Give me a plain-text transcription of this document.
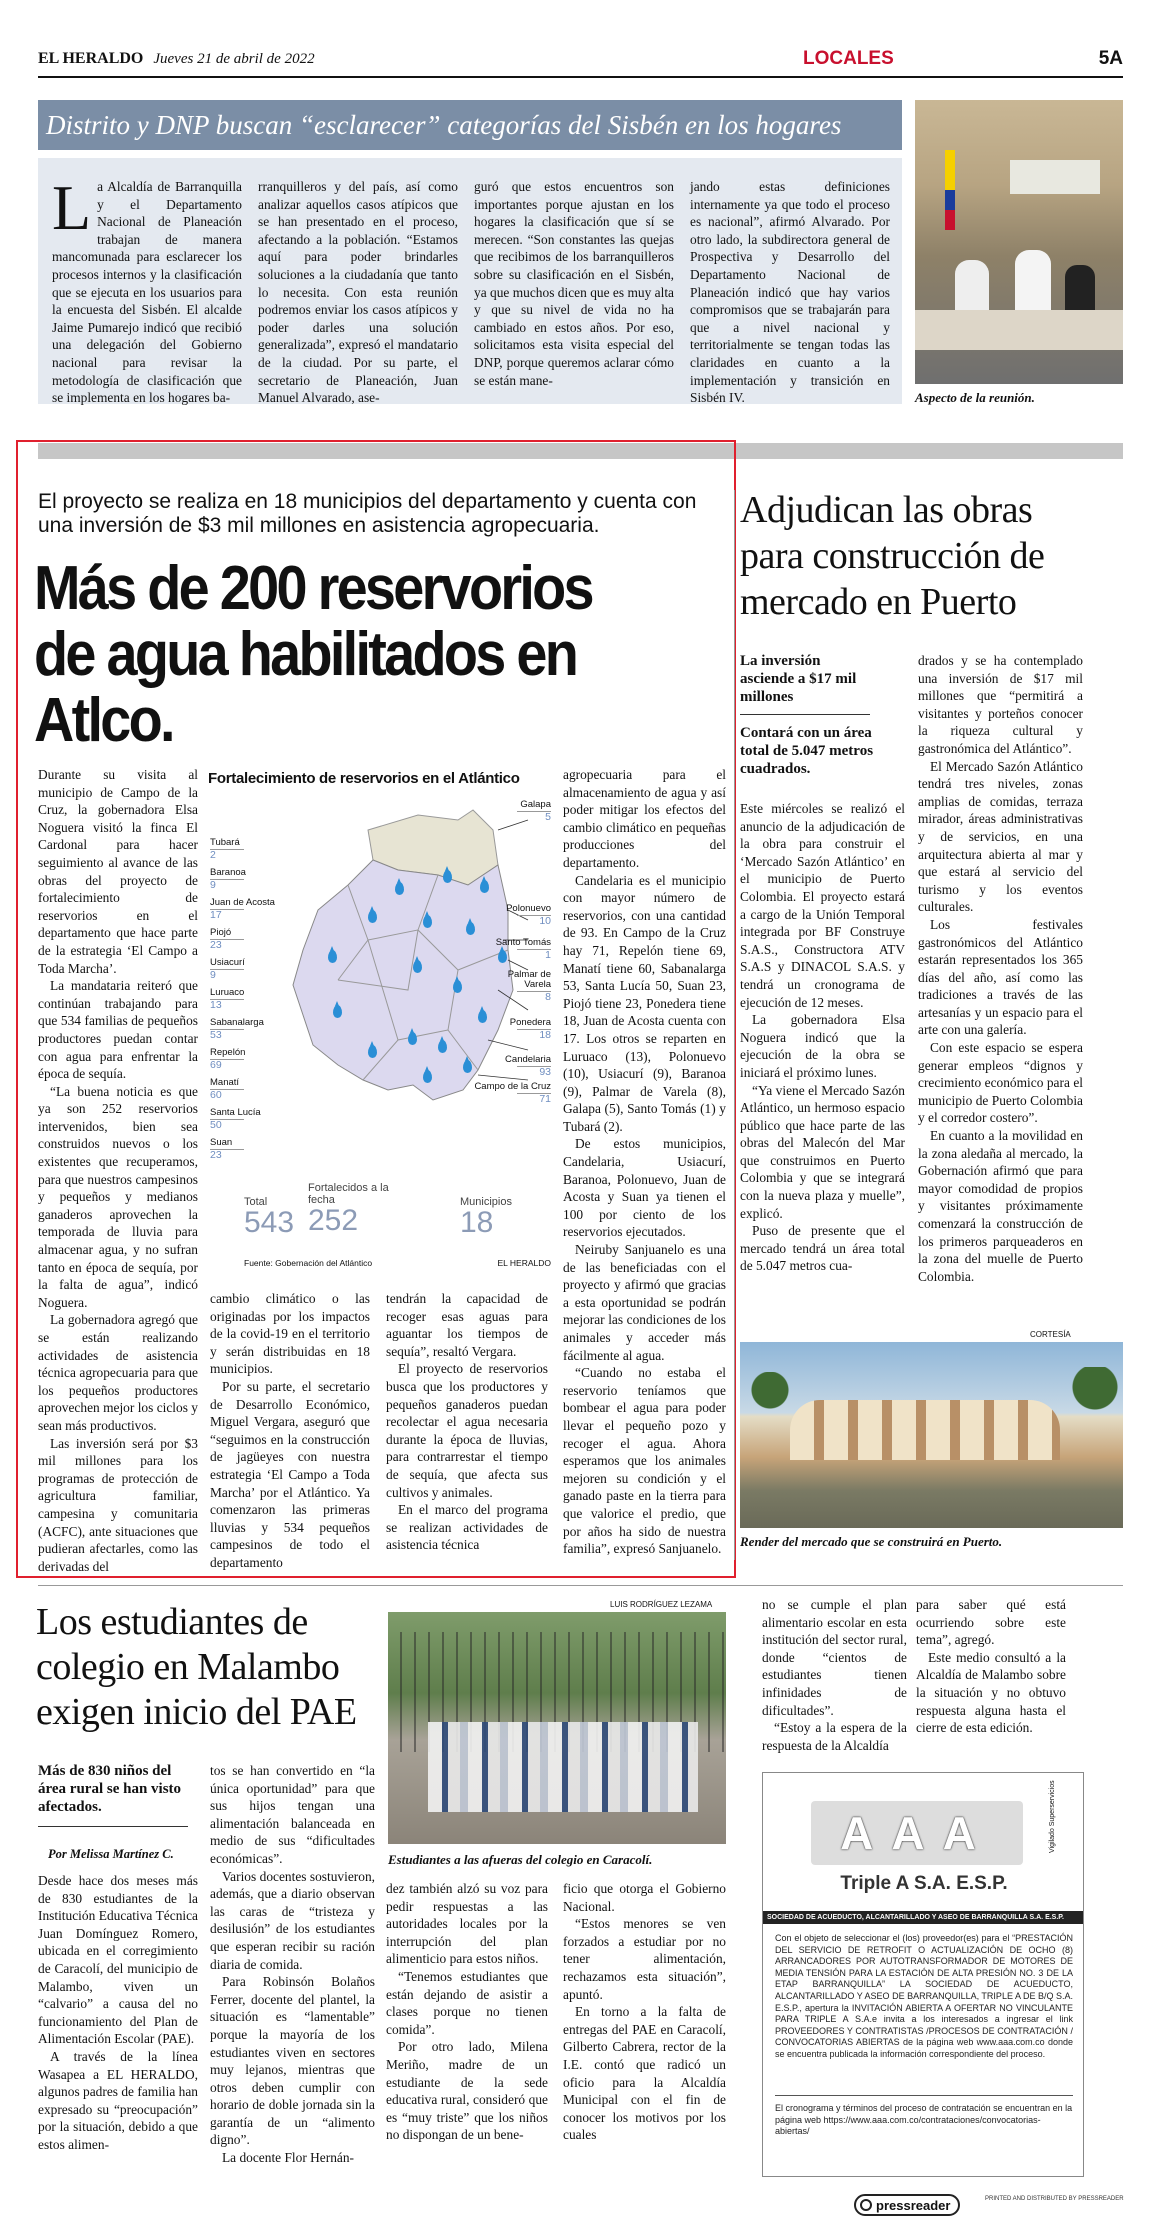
EL HERALDO Jueves 21 de abril de 2022	LOCALES	5A
Distrito y DNP buscan “esclarecer” categorías del Sisbén en los hogares
La Alcaldía de Barranquilla y el Departamento Nacional de Planeación trabajan de manera mancomunada para esclarecer los procesos internos y la clasificación que se ejecuta en los usuarios para la encuesta del Sisbén. El alcalde Jaime Pumarejo indicó que recibió una delegación del Gobierno nacional para revisar la metodología de clasificación que se implementa en los hogares ba-
rranquilleros y del país, así como analizar aquellos casos atípicos que se han presentado en el proceso, afectando a la población. “Estamos aquí para poder brindarles soluciones a la ciudadanía que tanto lo necesita. Con esta reunión podremos enviar los casos atípicos y poder darles una solución generalizada”, expresó el mandatario de la ciudad. Por su parte, el secretario de Planeación, Juan Manuel Alvarado, ase-
guró que estos encuentros son importantes porque ajustan en los hogares la clasificación que sí se merecen. “Son constantes las quejas que recibimos de los barranquilleros sobre su clasificación en el Sisbén, ya que muchos dicen que es muy alta y que su nivel de vida no ha cambiado en estos años. Por eso, solicitamos esta visita especial del DNP, porque queremos aclarar cómo se están mane-
jando estas definiciones internamente ya que todo el proceso es nacional”, afirmó Alvarado. Por otro lado, la subdirectora general de Prospectiva y Desarrollo del Departamento Nacional de Planeación indicó que hay varios compromisos que se trabajarán para que a nivel nacional y territorialmente se tengan todas las claridades en cuanto a la implementación y transición en Sisbén IV.	Aspecto de la reunión.
El proyecto se realiza en 18 municipios del departamento y cuenta con una inversión de $3 mil millones en asistencia agropecuaria.
Más de 200 reservorios de agua habilitados en Atlco.

Durante su visita al municipio de Campo de la Cruz, la gobernadora Elsa Noguera visitó la finca El Cardonal para hacer seguimiento al avance de las obras del proyecto de fortalecimiento de reservorios en el departamento que hace parte de la estrategia ‘El Campo a Toda Marcha’.

La mandataria reiteró que continúan trabajando para que 534 familias de pequeños productores puedan contar con agua para enfrentar la época de sequía.

“La buena noticia es que ya son 252 reservorios intervenidos, bien sea construidos nuevos o los existentes que recuperamos, para que nuestros campesinos y pequeños y medianos ganaderos aprovechen la temporada de lluvia para almacenar agua, y no sufran tanto en época de sequía, por la falta de agua”, indicó Noguera.

La gobernadora agregó que se están realizando actividades de asistencia técnica agropecuaria para que los pequeños productores aprovechen mejor los ciclos y sean más productivos.

Las inversión será por $3 mil millones para los programas de protección de agricultura familiar, campesina y comunitaria (ACFC), ante situaciones que pudieran afectarles, como las derivadas del

Fortalecimiento de reservorios en el Atlántico
Tubará
2
Baranoa
9
Juan de Acosta
17
Piojó
23
Usiacurí
9
Luruaco
13
Sabanalarga
53
Repelón
69
Manatí
60
Santa Lucía
50
Suan
23
Galapa
5
Polonuevo
10
Santo Tomás
1
Palmar de Varela
8
Ponedera
18
Candelaria
93
Campo de la Cruz
71
Total
543
Fortalecidos a la fecha
252
Municipios
18
Fuente: Gobernación del Atlántico	EL HERALDO

cambio climático o las originadas por los impactos de la covid-19 en el territorio y serán distribuidas en 18 municipios.

Por su parte, el secretario de Desarrollo Económico, Miguel Vergara, aseguró que “seguimos en la construcción de jagüeyes con nuestra estrategia ‘El Campo a Toda Marcha’ por el Atlántico. Ya comenzaron las primeras lluvias y 534 pequeños campesinos de todo el departamento

tendrán la capacidad de recoger esas aguas para aguantar los tiempos de sequía”, resaltó Vergara.

El proyecto de reservorios busca que los productores y pequeños ganaderos puedan recolectar el agua necesaria durante la época de lluvias, para contrarrestar el tiempo de sequía, que afecta sus cultivos y animales.

En el marco del programa se realizan actividades de asistencia técnica

agropecuaria para el almacenamiento de agua y así poder mitigar los efectos del cambio climático en pequeñas producciones del departamento.

Candelaria es el municipio con mayor número de reservorios, con una cantidad de 93. En Campo de la Cruz hay 71, Repelón tiene 69, Manatí tiene 60, Sabanalarga 53, Santa Lucía 50, Suan 23, Piojó tiene 23, Ponedera tiene 18, Juan de Acosta cuenta con 17. Los otros se reparten en Luruaco (13), Polonuevo (10), Usiacurí (9), Baranoa (9), Palmar de Varela (8), Galapa (5), Santo Tomás (1) y Tubará (2).

De estos municipios, Candelaria, Usiacurí, Baranoa, Polonuevo, Juan de Acosta y Suan ya tienen el 100 por ciento de los reservorios ejecutados.

Neiruby Sanjuanelo es una de las beneficiadas con el proyecto y afirmó que gracias a esta oportunidad se podrán mejorar las condiciones de los animales y acceder más fácilmente al agua.

“Cuando no estaba el reservorio teníamos que bombear el agua para poder llevar el pequeño pozo y recoger el agua. Ahora esperamos que los animales mejoren su condición y el ganado paste en la tierra para que valorice el predio, que por años ha sido de nuestra familia”, expresó Sanjuanelo.

Adjudican las obras para construcción de mercado en Puerto
La inversión asciende a $17 mil millones
Contará con un área total de 5.047 metros cuadrados.

Este miércoles se realizó el anuncio de la adjudicación de la obra para construir el ‘Mercado Sazón Atlántico’ en el municipio de Puerto Colombia. El proyecto estará a cargo de la Unión Temporal integrada por BF Construye S.A.S., Constructora ATV S.A.S y DINACOL S.A.S. y tendrá un cronograma de ejecución de 12 meses.

La gobernadora Elsa Noguera indicó que la ejecución de la obra se iniciará el próximo lunes.

“Ya viene el Mercado Sazón Atlántico, un hermoso espacio público que hace parte de las obras del Malecón del Mar que construimos en Puerto Colombia y que se integrará con la nueva plaza y muelle”, explicó.

Puso de presente que el mercado tendrá un área total de 5.047 metros cua-

drados y se ha contemplado una inversión de $17 mil millones que “permitirá a visitantes y porteños conocer la riqueza cultural y gastronómica del Atlántico”.

El Mercado Sazón Atlántico tendrá tres niveles, zonas amplias de comidas, terraza mirador, áreas administrativas y de servicios, en una arquitectura abierta al mar y que estará al servicio del turismo y los eventos culturales.

Los festivales gastronómicos del Atlántico estarán representados los 365 días del año, así como las tradiciones a través de las artesanías y un espacio para el arte con una galería.

Con este espacio se espera generar empleos “dignos y crecimiento económico para el municipio de Puerto Colombia y el corredor costero”.

En cuanto a la movilidad en la zona aledaña al mercado, la Gobernación afirmó que para mayor comodidad de propios y visitantes próximamente comenzará la construcción de los primeros parqueaderos en la zona del muelle de Puerto Colombia.

CORTESÍA
Render del mercado que se construirá en Puerto.
Los estudiantes de colegio en Malambo exigen inicio del PAE
Más de 830 niños del área rural se han visto afectados.
Por Melissa Martínez C.

Desde hace dos meses más de 830 estudiantes de la Institución Educativa Técnica Juan Domínguez Romero, ubicada en el corregimiento de Caracolí, del municipio de Malambo, viven un “calvario” a causa del no funcionamiento del Plan de Alimentación Escolar (PAE).

A través de la línea Wasapea a EL HERALDO, algunos padres de familia han expresado su “preocupación” por la situación, debido a que estos alimen-

tos se han convertido en “la única oportunidad” para que sus hijos tengan una alimentación balanceada en medio de sus “dificultades económicas”.

Varios docentes sostuvieron, además, que a diario observan las caras de “tristeza y desilusión” de los estudiantes que esperan recibir su ración diaria de comida.

Para Robinsón Bolaños Ferrer, docente del plantel, la situación es “lamentable” porque la mayoría de los estudiantes viven en sectores muy lejanos, mientras que otros deben cumplir con horario de doble jornada sin la garantía de un “alimento digno”.

La docente Flor Hernán-

LUIS RODRÍGUEZ LEZAMA
Estudiantes a las afueras del colegio en Caracolí.

dez también alzó su voz para pedir respuestas a las autoridades locales por la interrupción del plan alimenticio para estos niños.

“Tenemos estudiantes que están dejando de asistir a clases porque no tienen comida”.

Por otro lado, Milena Meriño, madre de un estudiante de la sede educativa rural, consideró que es “muy triste” que los niños no dispongan de un bene-

ficio que otorga el Gobierno Nacional.

“Estos menores se ven forzados a estudiar por no tener alimentación, rechazamos esta situación”, apuntó.

En torno a la falta de entregas del PAE en Caracolí, Gilberto Cabrera, rector de la I.E. contó que radicó un oficio para la Alcaldía Municipal con el fin de conocer los motivos por los cuales

no se cumple el plan alimentario escolar en esta institución del sector rural, donde “cientos de estudiantes tienen infinidades de dificultades”.

“Estoy a la espera de la respuesta de la Alcaldía

para saber qué está ocurriendo sobre este tema”, agregó.

Este medio consultó a la Alcaldía de Malambo sobre la situación y no obtuvo respuesta alguna hasta el cierre de esta edición.

AAA	Vigilado Superservicios
Triple A S.A. E.S.P.
SOCIEDAD DE ACUEDUCTO, ALCANTARILLADO Y ASEO DE BARRANQUILLA S.A. E.S.P.
Con el objeto de seleccionar el (los) proveedor(es) para el “PRESTACIÓN DEL SERVICIO DE RETROFIT O ACTUALIZACIÓN DE OCHO (8) ARRANCADORES POR AUTOTRANSFORMADOR DE MOTORES DE MEDIA TENSIÓN PARA LA ESTACIÓN DE ALTA PRESIÓN NO. 3 DE LA ETAP BARRANQUILLA” LA SOCIEDAD DE ACUEDUCTO, ALCANTARILLADO Y ASEO DE BARRANQUILLA, TRIPLE A DE B/Q S.A. E.S.P., apertura la INVITACIÓN ABIERTA A OFERTAR NO VINCULANTE PARA TRIPLE A S.A.e invita a los interesados a ingresar el link PROVEEDORES Y CONTRATISTAS /PROCESOS DE CONTRATACIÓN / CONVOCATORIAS ABIERTAS de la página web www.aaa.com.co donde se encuentra publicada la información correspondiente del proceso.
El cronograma y términos del proceso de contratación se encuentran en la página web https://www.aaa.com.co/contrataciones/convocatorias-abiertas/
pressreader	PRINTED AND DISTRIBUTED BY PRESSREADER
